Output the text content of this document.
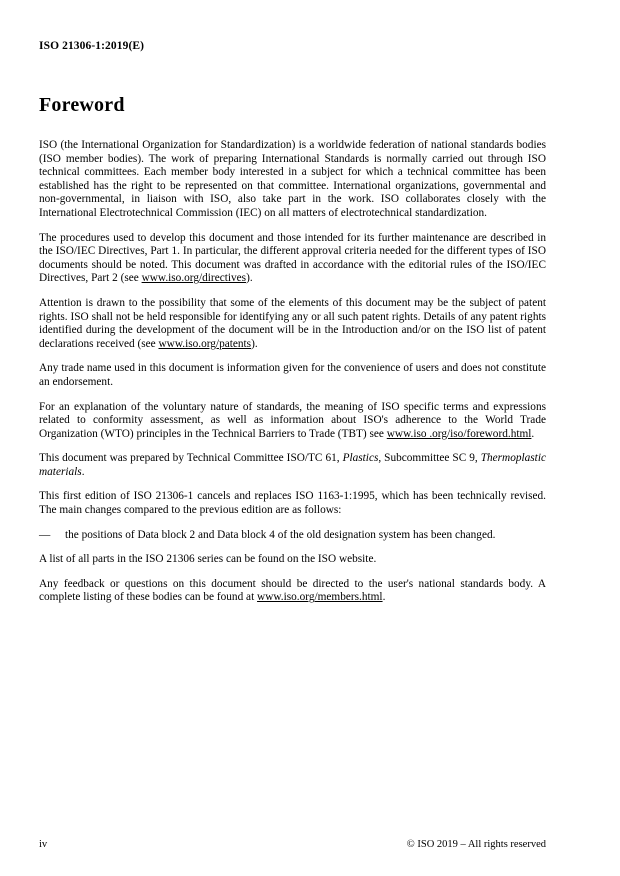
ISO 21306-1:2019(E)
Foreword

ISO (the International Organization for Standardization) is a worldwide federation of national standards bodies (ISO member bodies). The work of preparing International Standards is normally carried out through ISO technical committees. Each member body interested in a subject for which a technical committee has been established has the right to be represented on that committee. International organizations, governmental and non-governmental, in liaison with ISO, also take part in the work. ISO collaborates closely with the International Electrotechnical Commission (IEC) on all matters of electrotechnical standardization.

The procedures used to develop this document and those intended for its further maintenance are described in the ISO/IEC Directives, Part 1. In particular, the different approval criteria needed for the different types of ISO documents should be noted. This document was drafted in accordance with the editorial rules of the ISO/IEC Directives, Part 2 (see www.iso.org/directives).

Attention is drawn to the possibility that some of the elements of this document may be the subject of patent rights. ISO shall not be held responsible for identifying any or all such patent rights. Details of any patent rights identified during the development of the document will be in the Introduction and/or on the ISO list of patent declarations received (see www.iso.org/patents).

Any trade name used in this document is information given for the convenience of users and does not constitute an endorsement.

For an explanation of the voluntary nature of standards, the meaning of ISO specific terms and expressions related to conformity assessment, as well as information about ISO's adherence to the World Trade Organization (WTO) principles in the Technical Barriers to Trade (TBT) see www.iso .org/iso/foreword.html.

This document was prepared by Technical Committee ISO/TC 61, Plastics, Subcommittee SC 9, Thermoplastic materials.

This first edition of ISO 21306-1 cancels and replaces ISO 1163-1:1995, which has been technically revised. The main changes compared to the previous edition are as follows:

— the positions of Data block 2 and Data block 4 of the old designation system has been changed.

A list of all parts in the ISO 21306 series can be found on the ISO website.

Any feedback or questions on this document should be directed to the user's national standards body. A complete listing of these bodies can be found at www.iso.org/members.html.

iv	© ISO 2019 – All rights reserved
